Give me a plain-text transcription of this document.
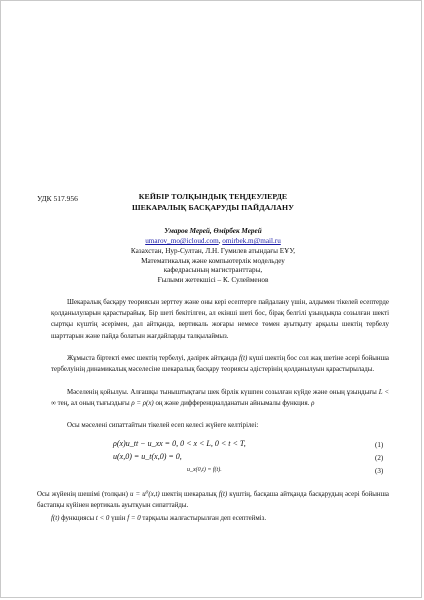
УДК 517.956	КЕЙБІР ТОЛҚЫНДЫҚ ТЕҢДЕУЛЕРДЕ
ШЕКАРАЛЫҚ БАСҚАРУДЫ ПАЙДАЛАНУ
Умаров Мерей, Өмірбек Мерей
umarov_mo@icloud.com, omirbek.m@mail.ru
Казахстан, Нур-Султан, Л.Н. Гумилев атындағы ЕҰУ,
Математикалық және компьютерлік модельдеу
кафедрасының магистранттары,
Ғылыми жетекшісі – К. Сулейменов
Шекаралық басқару теориясын зерттеу және оны кері есептерге пайдалану үшін, алдымен тікелей есептерде қолданылуларын қарастырайық. Бір шеті бекітілген, ал екінші шеті бос, бірақ белгілі ұзындықпа созылған шекті сыртқы күштің әсерімен, дәл айтқанда, вертикаль жоғары немесе төмен ауытқыту арқылы шектің тербелу шарттарын және пайда болатын жағдайларды талқылаймыз.
Жұмыста біртекті емес шектің тербелуі, дәлірек айтқанда f(t) күші шектің бос сол жақ шетіне әсері бойынша тербелуінің динамикалық мәселесіне шекаралық басқару теориясы әдістерінің қолданылуын қарастырылады.
Мәселенің қойылуы. Алғашқы тыныштықтағы шек бірлік күшпен созылған күйде және оның ұзындығы L < ∞ тең, ал оның тығыздығы ρ = ρ(x) оң және дифференциалданатын айнымалы функция. ρ
Осы мәселені сипаттайтын тікелей есеп келесі жүйеге келтірілеі:
ρ(x)u_tt − u_xx = 0, 0 < x < L, 0 < t < T,	(1)
u(x,0) = u_t(x,0) = 0,	(2)
u_x(0,t) = f(t).	(3)
Осы жүйенің шешімі (толқын) u = u⁰(x,t) шектің шекаралық f(t) күштің, басқаша айтқанда басқарудың әсері бойынша бастапқы күйінен вертикаль ауытқуын сипаттайды.
f(t) функциясы t < 0 үшін f = 0 тарқылы жалғастырылған деп есептейміз.
